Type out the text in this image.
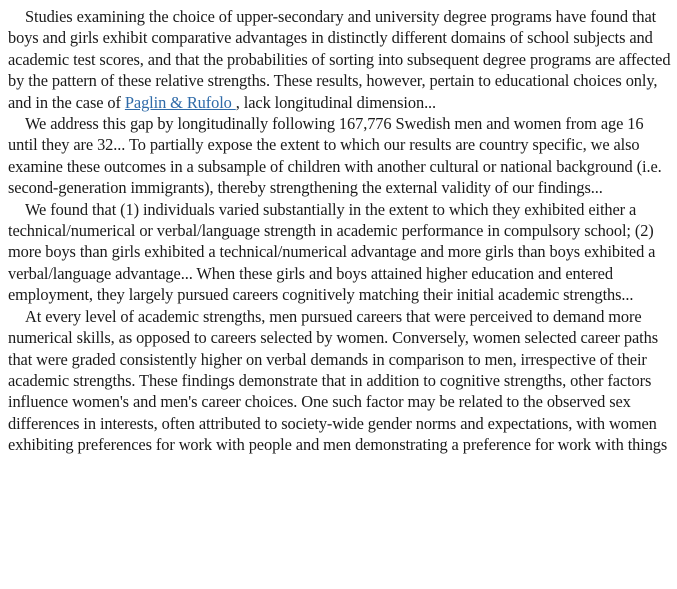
Studies examining the choice of upper-secondary and university degree programs have found that boys and girls exhibit comparative advantages in distinctly different domains of school subjects and academic test scores, and that the probabilities of sorting into subsequent degree programs are affected by the pattern of these relative strengths. These results, however, pertain to educational choices only, and in the case of Paglin & Rufolo , lack longitudinal dimension...

We address this gap by longitudinally following 167,776 Swedish men and women from age 16 until they are 32... To partially expose the extent to which our results are country specific, we also examine these outcomes in a subsample of children with another cultural or national background (i.e. second-generation immigrants), thereby strengthening the external validity of our findings...

We found that (1) individuals varied substantially in the extent to which they exhibited either a technical/numerical or verbal/language strength in academic performance in compulsory school; (2) more boys than girls exhibited a technical/numerical advantage and more girls than boys exhibited a verbal/language advantage... When these girls and boys attained higher education and entered employment, they largely pursued careers cognitively matching their initial academic strengths...

At every level of academic strengths, men pursued careers that were perceived to demand more numerical skills, as opposed to careers selected by women. Conversely, women selected career paths that were graded consistently higher on verbal demands in comparison to men, irrespective of their academic strengths. These findings demonstrate that in addition to cognitive strengths, other factors influence women's and men's career choices. One such factor may be related to the observed sex differences in interests, often attributed to society-wide gender norms and expectations, with women exhibiting preferences for work with people and men demonstrating a preference for work with things
